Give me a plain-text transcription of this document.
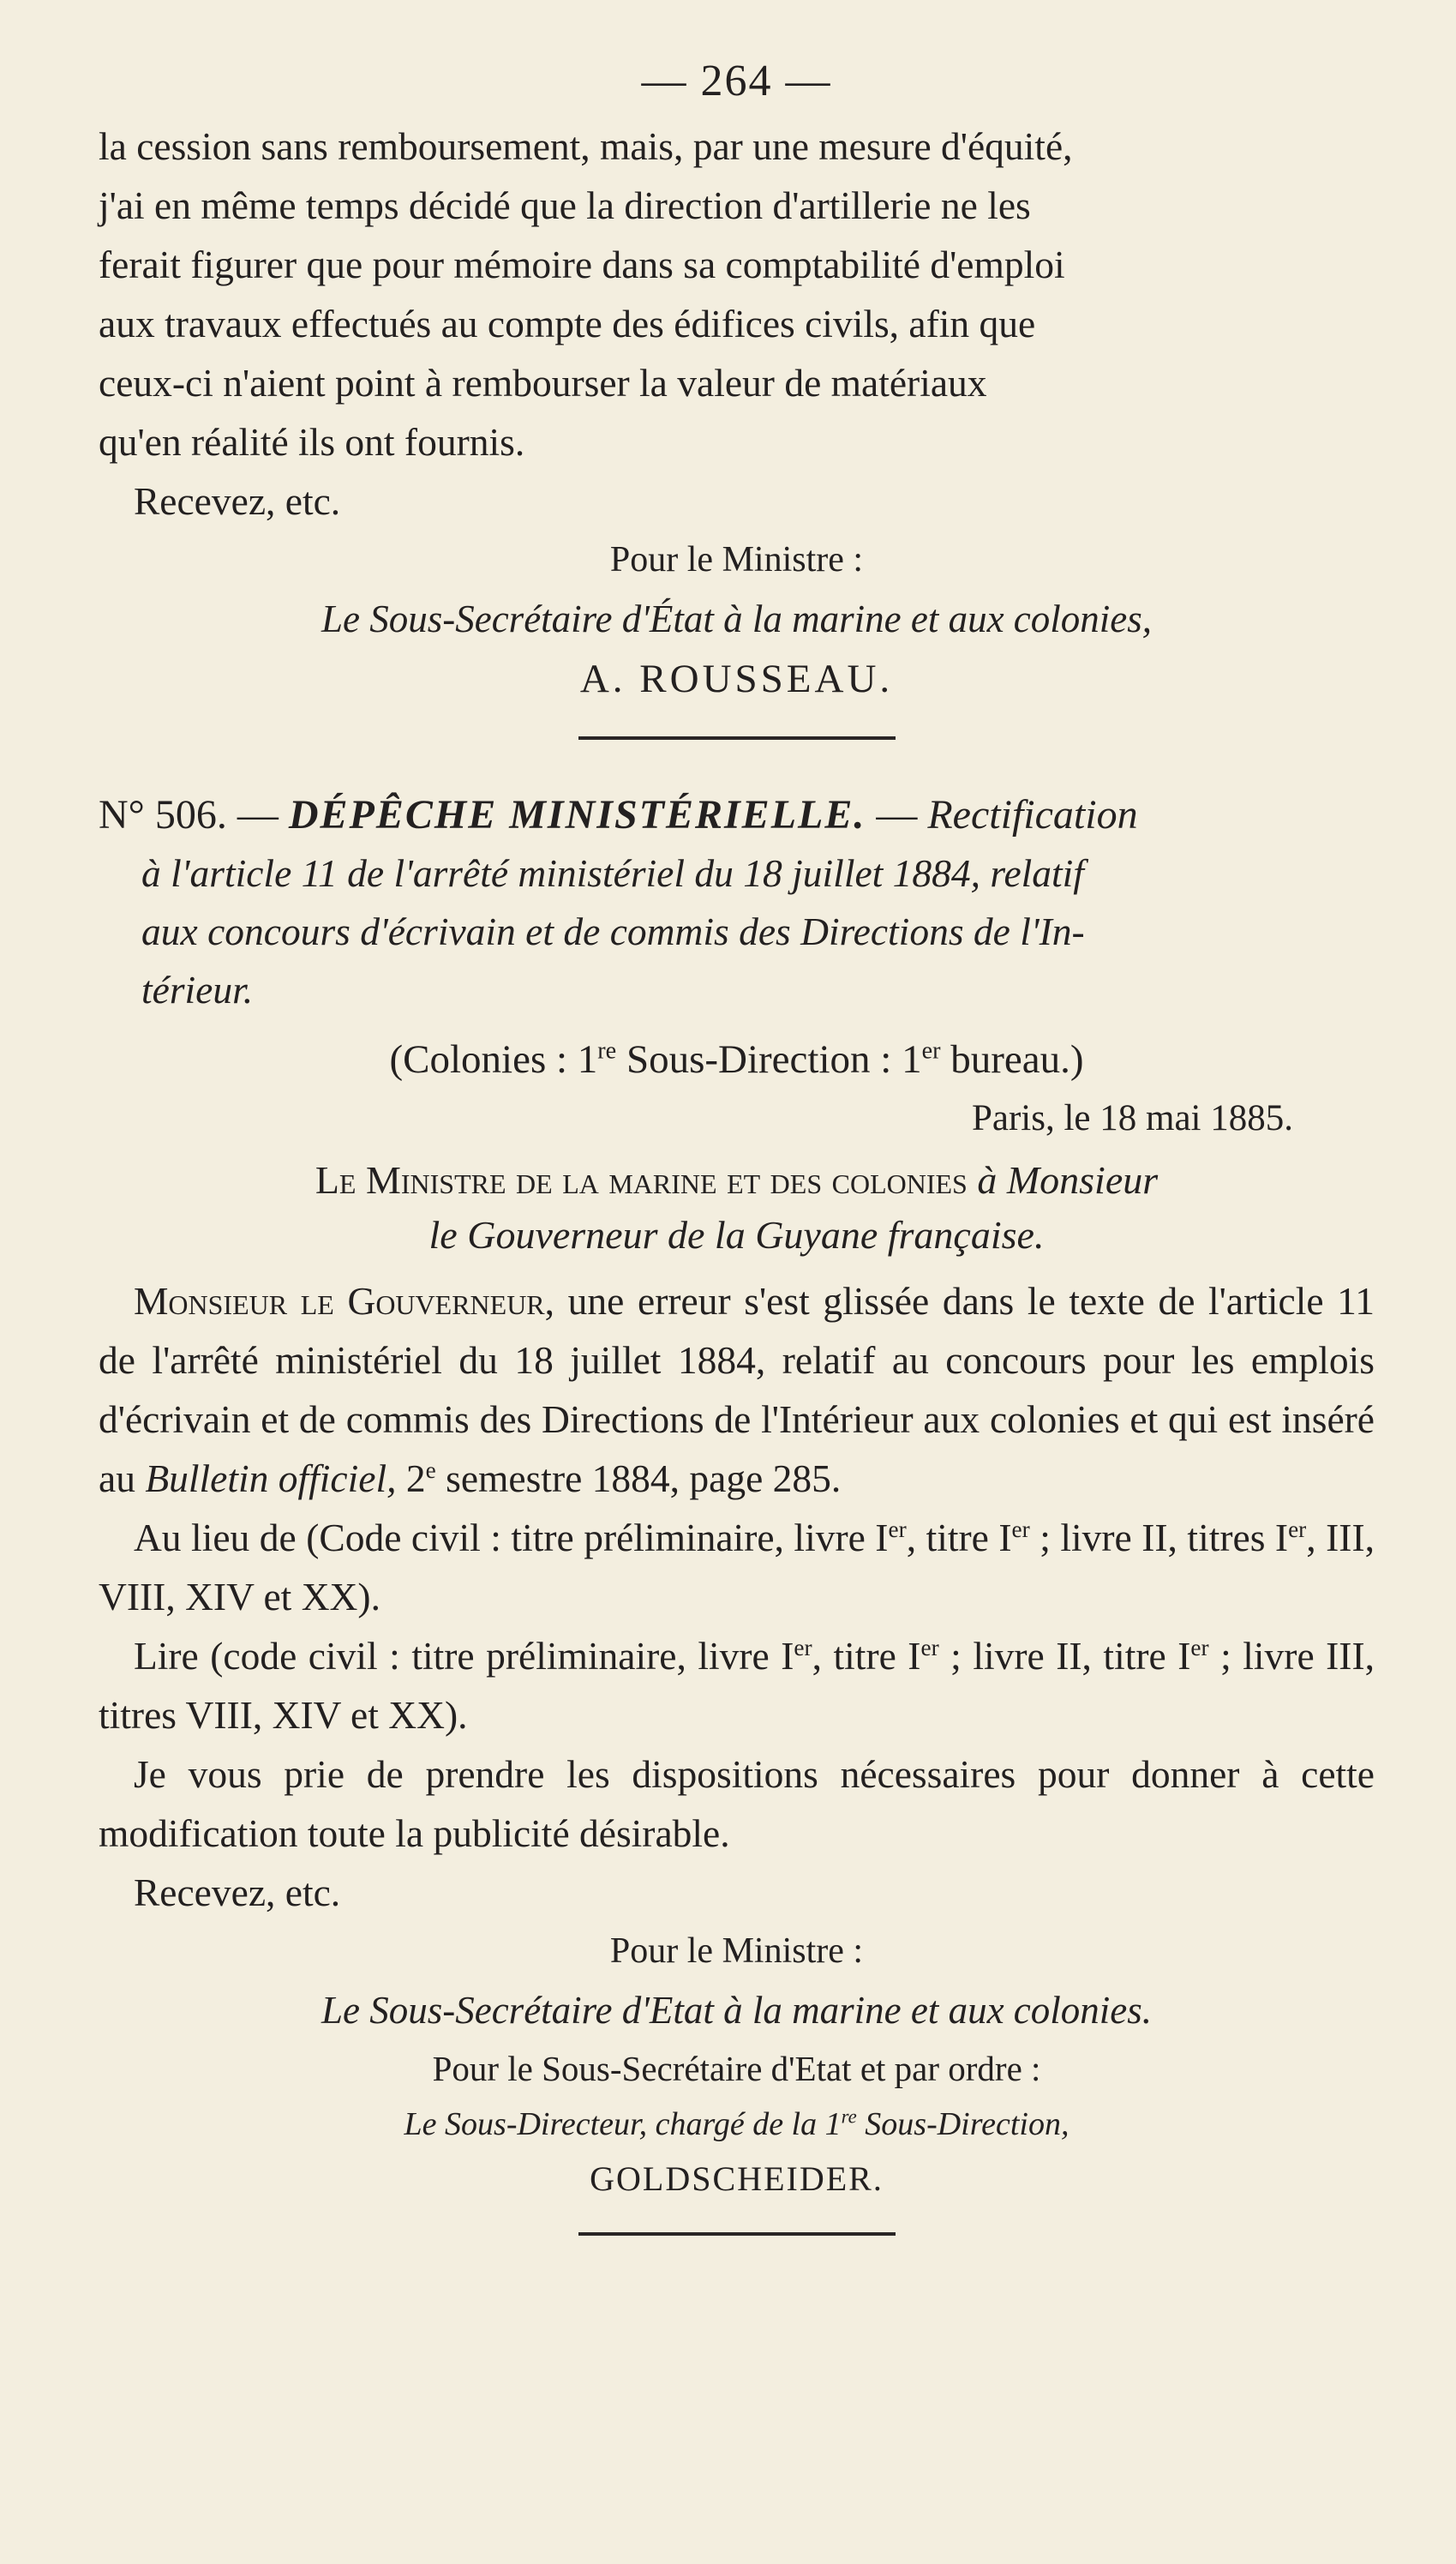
— 264 —
la cession sans remboursement, mais, par une mesure d'équité,
j'ai en même temps décidé que la direction d'artillerie ne les
ferait figurer que pour mémoire dans sa comptabilité d'emploi
aux travaux effectués au compte des édifices civils, afin que
ceux-ci n'aient point à rembourser la valeur de matériaux
qu'en réalité ils ont fournis.
Recevez, etc.
Pour le Ministre :
Le Sous-Secrétaire d'État à la marine et aux colonies,
A. ROUSSEAU.
N° 506. — DÉPÊCHE MINISTÉRIELLE. — Rectification
à l'article 11 de l'arrêté ministériel du 18 juillet 1884, relatif
aux concours d'écrivain et de commis des Directions de l'In-
térieur.
(Colonies : 1re Sous-Direction : 1er bureau.)
Paris, le 18 mai 1885.
Le Ministre de la marine et des colonies à Monsieur
le Gouverneur de la Guyane française.
Monsieur le Gouverneur, une erreur s'est glissée dans le texte de l'article 11 de l'arrêté ministériel du 18 juillet 1884, relatif au concours pour les emplois d'écrivain et de commis des Directions de l'Intérieur aux colonies et qui est inséré au Bulletin officiel, 2e semestre 1884, page 285.
Au lieu de (Code civil : titre préliminaire, livre Ier, titre Ier ; livre II, titres Ier, III, VIII, XIV et XX).
Lire (code civil : titre préliminaire, livre Ier, titre Ier ; livre II, titre Ier ; livre III, titres VIII, XIV et XX).
Je vous prie de prendre les dispositions nécessaires pour donner à cette modification toute la publicité désirable.
Recevez, etc.
Pour le Ministre :
Le Sous-Secrétaire d'Etat à la marine et aux colonies.
Pour le Sous-Secrétaire d'Etat et par ordre :
Le Sous-Directeur, chargé de la 1re Sous-Direction,
GOLDSCHEIDER.
